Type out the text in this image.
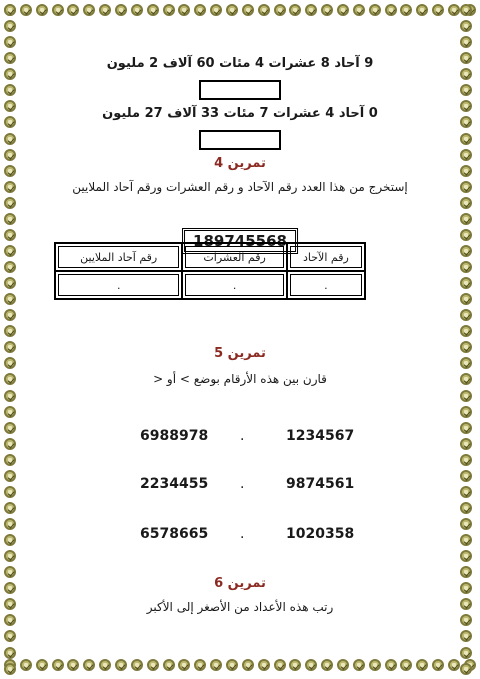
9 آحاد 8 عشرات 4 مئات 60 آلاف 2 مليون
0 آحاد 4 عشرات 7 مئات 33 آلاف 27 مليون
تمرين 4
إستخرج من هذا العدد رقم الآحاد و رقم العشرات ورقم آحاد الملايين
189745568
تمرين 5
قارن بين هذه الأرقام بوضع > أو <
6988978 .	1234567
2234455 .	9874561
6578665 .	1020358
تمرين 6
رتب هذه الأعداد من الأصغر إلى الأكبر
رقم الآحاد	رقم العشرات	رقم آحاد الملايين
.	.	.
